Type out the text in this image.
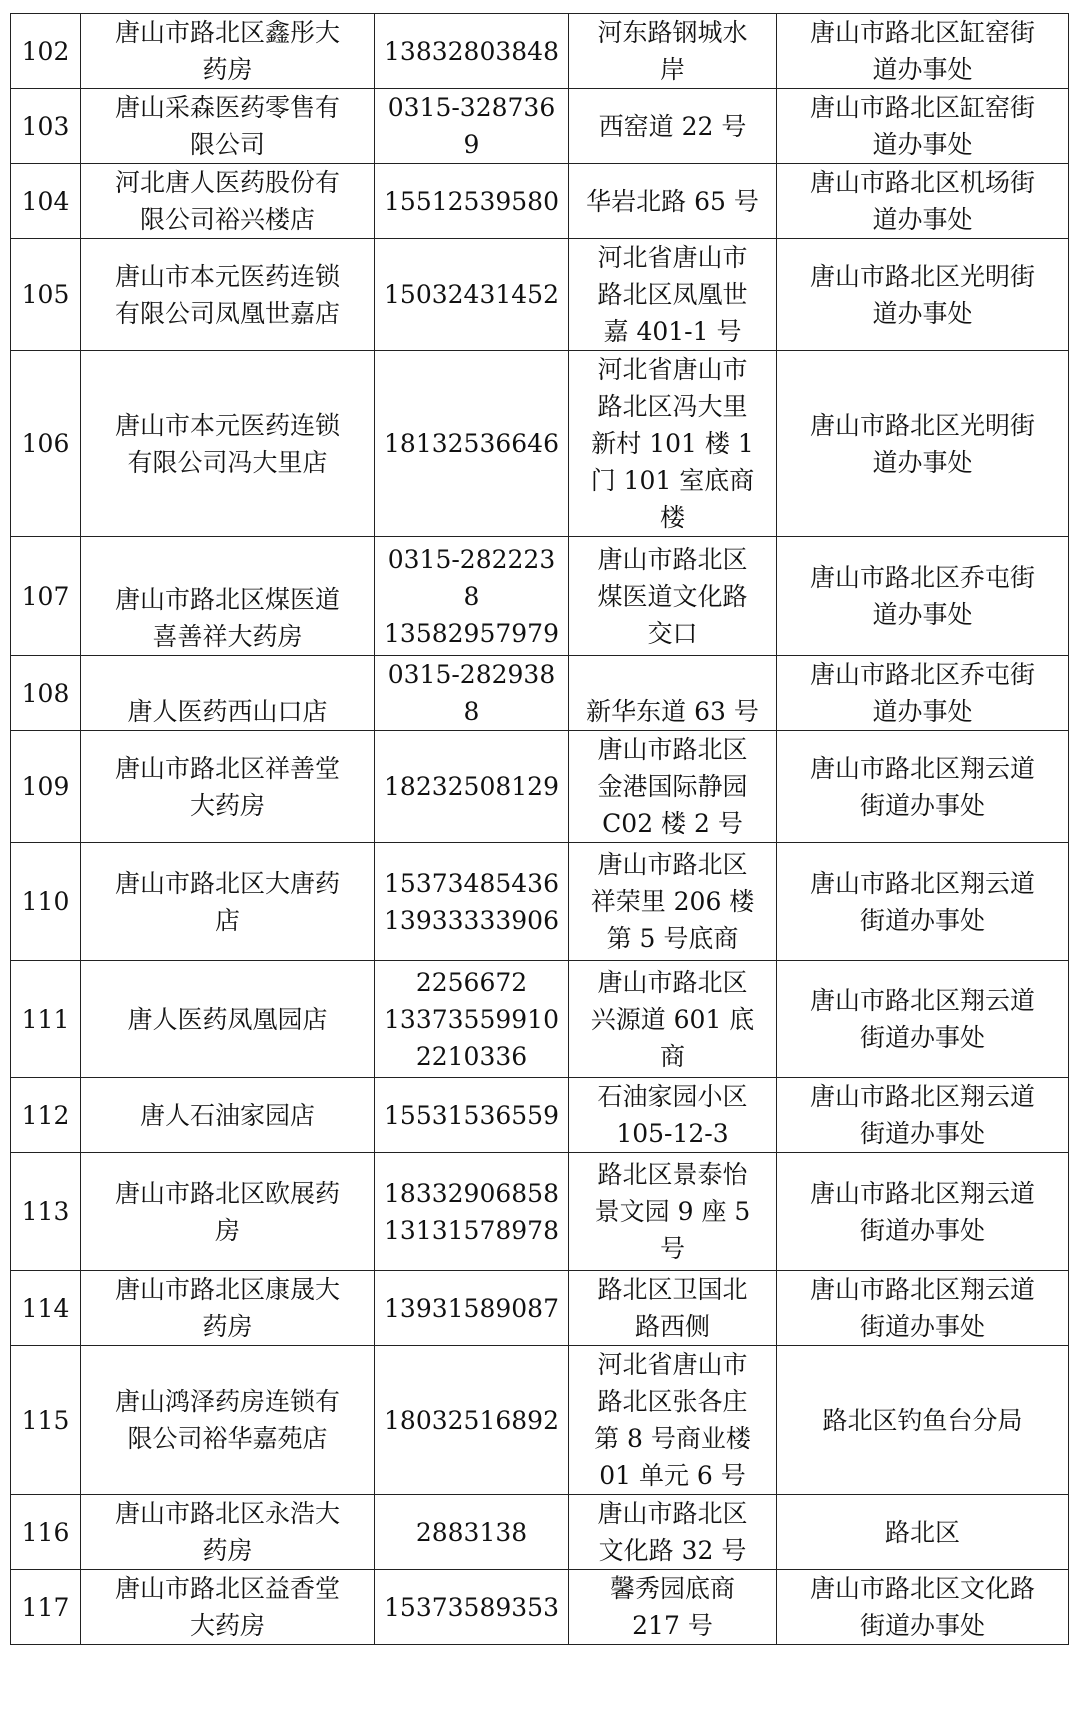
102	唐山市路北区鑫彤大
药房	13832803848	河东路钢城水
岸	唐山市路北区缸窑街
道办事处

103	唐山采森医药零售有
限公司	0315-328736
9	西窑道 22 号	唐山市路北区缸窑街
道办事处

104	河北唐人医药股份有
限公司裕兴楼店	15512539580	华岩北路 65 号	唐山市路北区机场街
道办事处

105	唐山市本元医药连锁
有限公司凤凰世嘉店	15032431452	河北省唐山市
路北区凤凰世
嘉 401-1 号	唐山市路北区光明街
道办事处

106	唐山市本元医药连锁
有限公司冯大里店	18132536646	河北省唐山市
路北区冯大里
新村 101 楼 1
门 101 室底商
楼	唐山市路北区光明街
道办事处

107	唐山市路北区煤医道
喜善祥大药房	0315-282223
8
13582957979	唐山市路北区
煤医道文化路
交口	唐山市路北区乔屯街
道办事处

108	唐人医药西山口店	0315-282938
8	新华东道 63 号	唐山市路北区乔屯街
道办事处

109	唐山市路北区祥善堂
大药房	18232508129	唐山市路北区
金港国际静园
C02 楼 2 号	唐山市路北区翔云道
街道办事处

110	唐山市路北区大唐药
店	15373485436
13933333906	唐山市路北区
祥荣里 206 楼
第 5 号底商	唐山市路北区翔云道
街道办事处

111	唐人医药凤凰园店	2256672
13373559910
2210336	唐山市路北区
兴源道 601 底
商	唐山市路北区翔云道
街道办事处

112	唐人石油家园店	15531536559	石油家园小区
105-12-3	唐山市路北区翔云道
街道办事处

113	唐山市路北区欧展药
房	18332906858
13131578978	路北区景泰怡
景文园 9 座 5
号	唐山市路北区翔云道
街道办事处

114	唐山市路北区康晟大
药房	13931589087	路北区卫国北
路西侧	唐山市路北区翔云道
街道办事处

115	唐山鸿泽药房连锁有
限公司裕华嘉苑店	18032516892	河北省唐山市
路北区张各庄
第 8 号商业楼
01 单元 6 号	路北区钓鱼台分局

116	唐山市路北区永浩大
药房	2883138	唐山市路北区
文化路 32 号	路北区

117	唐山市路北区益香堂
大药房	15373589353	馨秀园底商
217 号	唐山市路北区文化路
街道办事处
